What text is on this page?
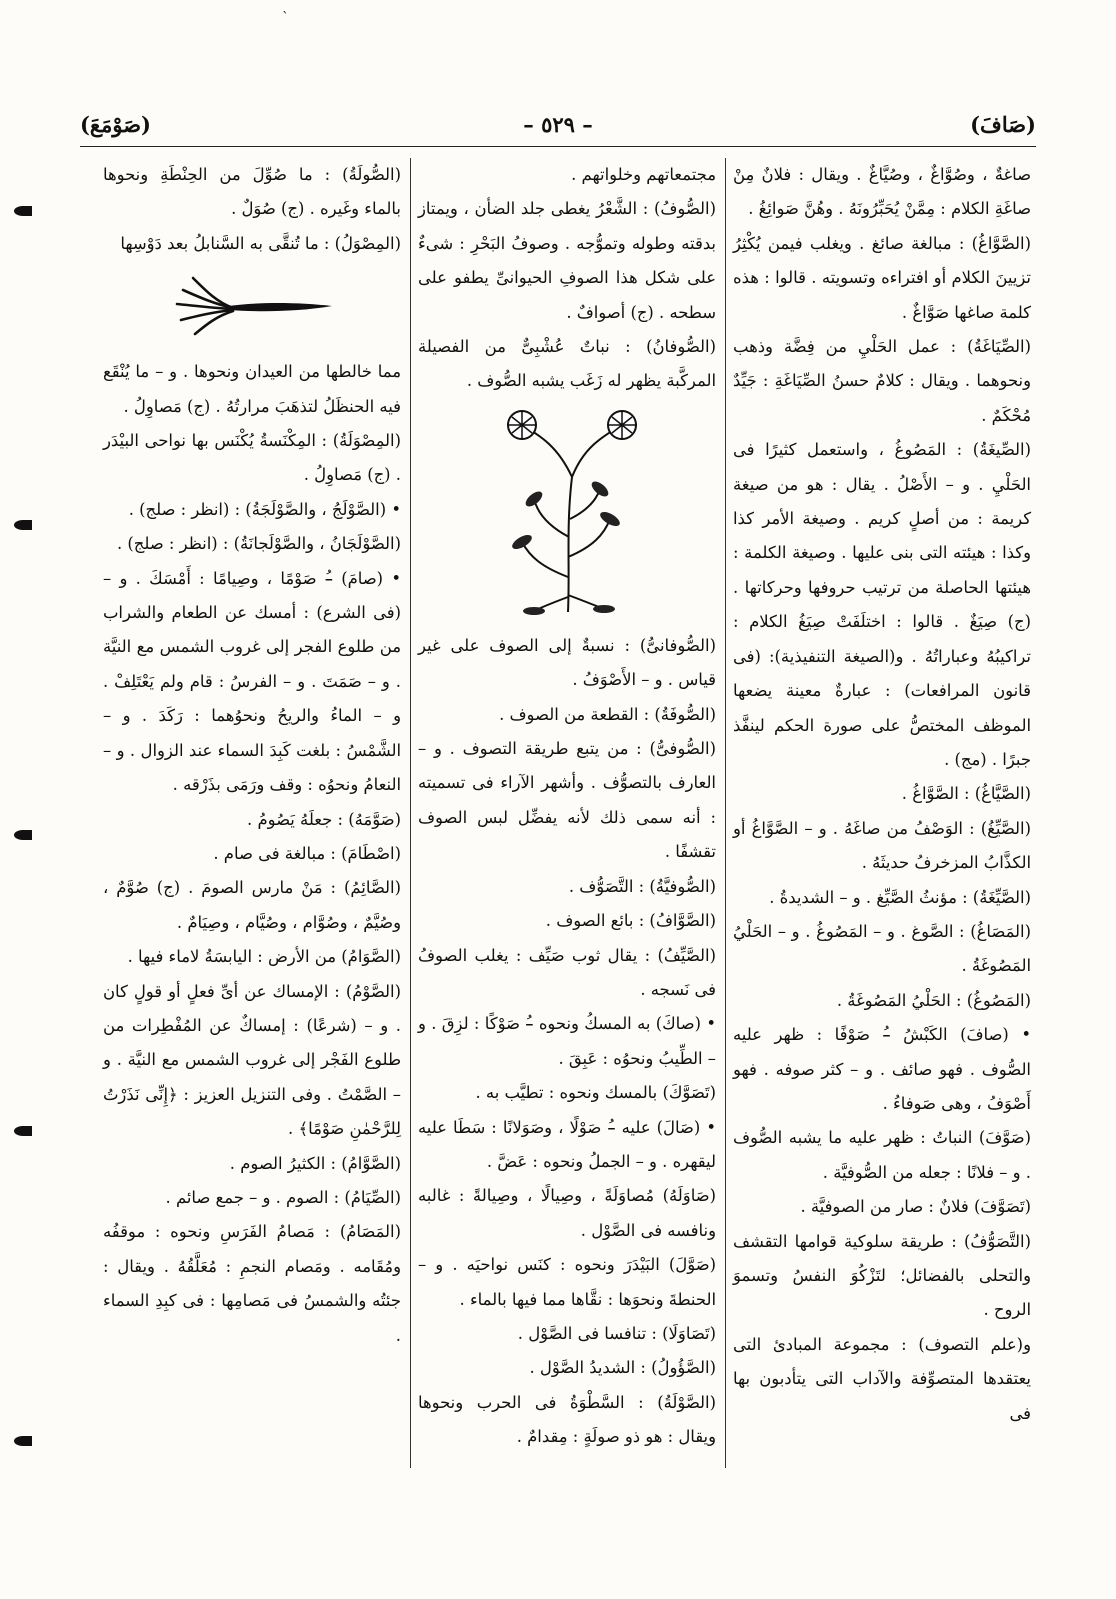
ˋ
(صَافَ)
– ٥٢٩ –
(صَوْمَعَ)

صاغةٌ ، وصُوَّاغٌ ، وصُيَّاغٌ . ويقال : فلانٌ مِنْ صاغَةِ الكلام : مِمَّنْ يُحَبِّرُونَهُ . وهُنَّ صَوائِغُ .

(الصَّوَّاغُ) : مبالغة صائغ . ويغلب فيمن يُكْثِرُ تزيينَ الكلام أو افتراءه وتسويته . قالوا : هذه كلمة صاغها صَوَّاغٌ .

(الصِّيَاغَةُ) : عمل الحَلْيِ من فِضَّة وذهب ونحوهما . ويقال : كلامٌ حسنُ الصِّيَاغَةِ : جَيِّدٌ مُحْكَمٌ .

(الصِّيغَةُ) : المَصُوغُ ، واستعمل كثيرًا فى الحَلْيِ . و – الأَصْلُ . يقال : هو من صيغة كريمة : من أصلٍ كريم . وصيغة الأمر كذا وكذا : هيئته التى بنى عليها . وصيغة الكلمة : هيئتها الحاصلة من ترتيب حروفها وحركاتها . (ج) صِيَغٌ . قالوا : اختلَفَتْ صِيَغُ الكلام : تراكيبُهُ وعباراتُهُ . و(الصيغة التنفيذية): (فى قانون المرافعات) : عبارةٌ معينة يضعها الموظف المختصُّ على صورة الحكم لينفَّذ جبرًا . (مج) .

(الصَّيَّاغُ) : الصَّوَّاغُ .

(الصَّيِّغُ) : الوَصْفُ من صاغَهُ . و – الصَّوَّاغُ أو الكذَّابُ المزخرفُ حديثَهُ .

(الصَّيِّغَةُ) : مؤنثُ الصَّيِّغ . و – الشديدةُ .

(المَصَاغُ) : الصَّوغ . و – المَصُوغُ . و – الحَلْيُ المَصُوغَةُ .

(المَصُوغُ) : الحَلْيُ المَصُوغَةُ .

• (صافَ) الكَبْشُ –ُ صَوْفًا : ظهر عليه الصُّوف . فهو صائف . و – كثر صوفه . فهو أَصْوَفُ ، وهى صَوفاءُ .

(صَوَّفَ) النباتُ : ظهر عليه ما يشبه الصُّوف . و – فلانًا : جعله من الصُّوفيَّة .

(تَصَوَّفَ) فلانٌ : صار من الصوفيَّة .

(التَّصَوُّفُ) : طريقة سلوكية قوامها التقشف والتحلى بالفضائل؛ لتَزْكُوَ النفسُ وتسموَ الروح .

و(علم التصوف) : مجموعة المبادئ التى يعتقدها المتصوِّفة والآداب التى يتأدبون بها فى

مجتمعاتهم وخلواتهم .

(الصُّوفُ) : الشَّعْرُ يغطى جلد الضأن ، ويمتاز بدقته وطوله وتموُّجه . وصوفُ البَحْرِ : شىءٌ على شكل هذا الصوفِ الحيوانىِّ يطفو على سطحه . (ج) أصوافٌ .

(الصُّوفانُ) : نباتٌ عُشْبِىٌّ من الفصيلة المركَّبة يظهر له زَغَب يشبه الصُّوف .

(الصُّوفانىُّ) : نسبةٌ إلى الصوف على غير قياس . و – الأَصْوَفُ .

(الصُّوفَةُ) : القطعة من الصوف .

(الصُّوفىُّ) : من يتبع طريقة التصوف . و – العارف بالتصوُّف . وأشهر الآراء فى تسميته : أنه سمى ذلك لأنه يفضِّل لبس الصوف تقشفًا .

(الصُّوفيَّةُ) : التَّصَوُّف .

(الصَّوَّافُ) : بائع الصوف .

(الصَّيِّفُ) : يقال ثوب صَيِّف : يغلب الصوفُ فى نَسجه .

• (صاكَ) به المسكُ ونحوه –ُ صَوْكًا : لزِقَ . و – الطِّيبُ ونحوُه : عَبِقَ .

(تَصَوَّكَ) بالمسك ونحوه : تطيَّب به .

• (صَالَ) عليه –ُ صَوْلًا ، وصَوَلانًا : سَطَا عليه ليقهره . و – الجملُ ونحوه : عَضَّ .

(صَاوَلَهُ) مُصاوَلَةً ، وصِيالًا ، وصِيالةً : غالبه ونافسه فى الصَّوْل .

(صَوَّلَ) البَيْدَرَ ونحوه : كنَس نواحيَه . و – الحنطةَ ونحوَها : نقَّاها مما فيها بالماء .

(تَصَاوَلَا) : تنافسا فى الصَّوْل .

(الصَّؤُولُ) : الشديدُ الصَّوْل .

(الصَّوْلَةُ) : السَّطْوَةُ فى الحرب ونحوها ويقال : هو ذو صولَةٍ : مِقدامٌ .

(الصُّولَةُ) : ما صُوِّلَ من الحِنْطَةِ ونحوها بالماء وغَيره . (ج) صُوَلٌ .

(المِصْوَلُ) : ما تُنقَّى به السَّنابلُ بعد دَوْسِها

مما خالطها من العيدان ونحوها . و – ما يُنْقَع فيه الحنظَلُ لتذهَبَ مرارتُهُ . (ج) مَصاوِلُ .

(المِصْوَلَةُ) : المِكْنَسةُ يُكْنَس بها نواحى البيْدَر . (ج) مَصاوِلُ .

• (الصَّوْلَجُ ، والصَّوْلَجَةُ) : (انظر : صلج) .

(الصَّوْلَجَانُ ، والصَّوْلَجانَةُ) : (انظر : صلج) .

• (صامَ) –ُ صَوْمًا ، وصِيامًا : أَمْسَكَ . و – (فى الشرع) : أمسك عن الطعام والشراب من طلوع الفجر إلى غروب الشمس مع النيَّة . و – صَمَتَ . و – الفرسُ : قام ولم يَعْتَلِفْ . و – الماءُ والريحُ ونحوُهما : رَكَدَ . و – الشَّمْسُ : بلغت كَبِدَ السماء عند الزوال . و – النعامُ ونحوُه : وقف ورَمَى بذَرْقه .

(صَوَّمَهُ) : جعلَهُ يَصُومُ .

(اصْطَامَ) : مبالغة فى صام .

(الصَّائِمُ) : مَنْ مارس الصومَ . (ج) صُوَّمٌ ، وصُيَّمٌ ، وصُوَّام ، وصُيَّام ، وصِيَامٌ .

(الصَّوَامُ) من الأرض : اليابسَةُ لاماء فيها .

(الصَّوْمُ) : الإمساك عن أىِّ فعلٍ أو قولٍ كان . و – (شرعًا) : إمساكٌ عن المُفْطِرات من طلوع الفَجْر إلى غروب الشمس مع النيَّة . و – الصَّمْتُ . وفى التنزيل العزيز : ﴿إِنِّى نَذَرْتُ لِلرَّحْمٰنِ صَوْمًا﴾ .

(الصَّوَّامُ) : الكثيرُ الصوم .

(الصِّيَامُ) : الصوم . و – جمع صائم .

(المَصَامُ) : مَصامُ الفَرَسِ ونحوه : موقفُه ومُقَامه . ومَصام النجمِ : مُعَلَّقُهُ . ويقال : جئتُه والشمسُ فى مَصامِها : فى كبِدِ السماء .
